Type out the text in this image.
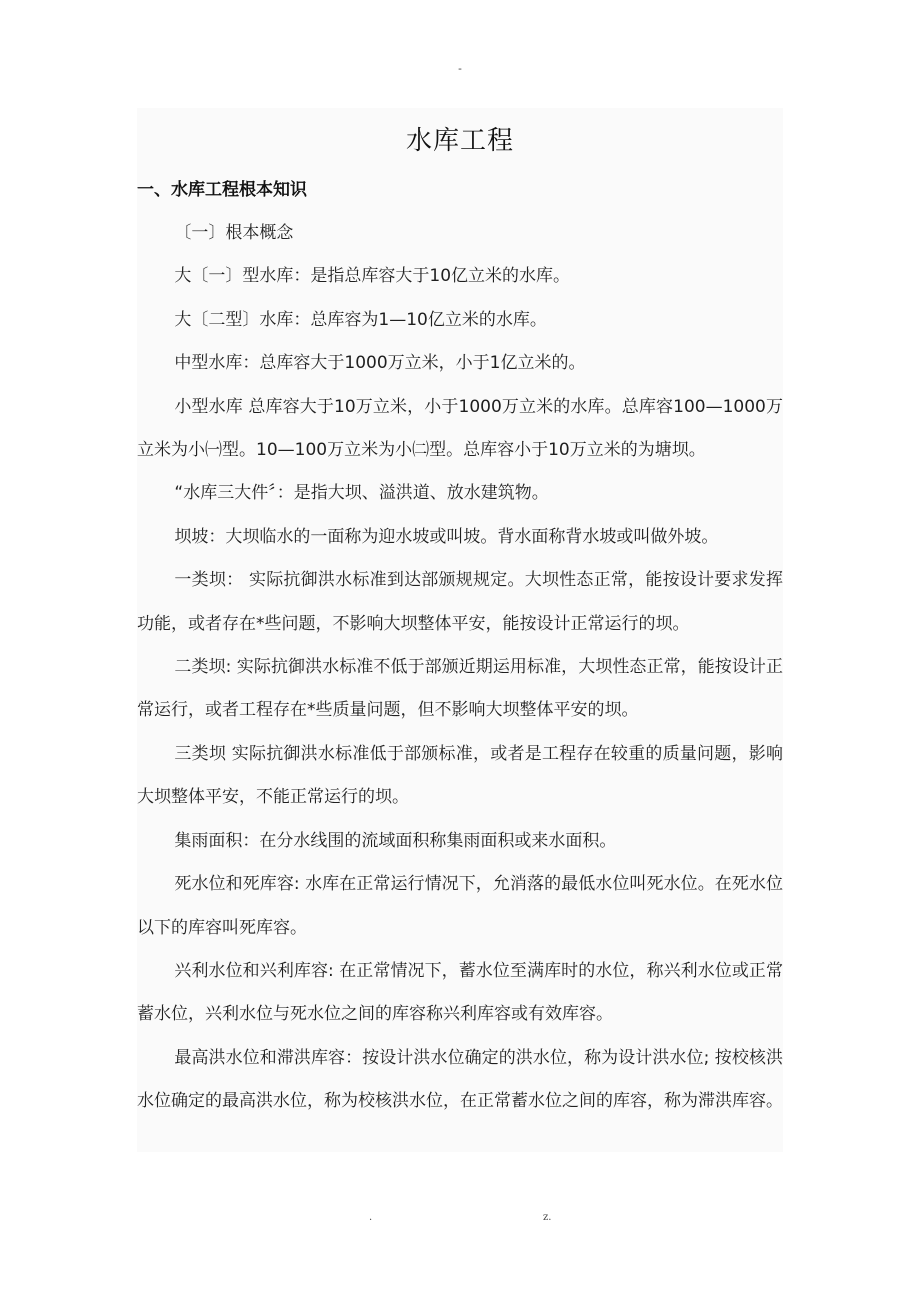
-
水库工程
一、水库工程根本知识

〔一〕根本概念

大〔一〕型水库：是指总库容大于10亿立米的水库。

大〔二型〕水库：总库容为1—10亿立米的水库。

中型水库：总库容大于1000万立米，小于1亿立米的。

小型水库 总库容大于10万立米，小于1000万立米的水库。总库容100—1000万立米为小㈠型。10—100万立米为小㈡型。总库容小于10万立米的为塘坝。

“水库三大件〞：是指大坝、溢洪道、放水建筑物。

坝坡：大坝临水的一面称为迎水坡或叫坡。背水面称背水坡或叫做外坡。

一类坝： 实际抗御洪水标准到达部颁规规定。大坝性态正常，能按设计要求发挥功能，或者存在*些问题，不影响大坝整体平安，能按设计正常运行的坝。

二类坝: 实际抗御洪水标准不低于部颁近期运用标准，大坝性态正常，能按设计正常运行，或者工程存在*些质量问题，但不影响大坝整体平安的坝。

三类坝 实际抗御洪水标准低于部颁标准，或者是工程存在较重的质量问题，影响大坝整体平安，不能正常运行的坝。

集雨面积：在分水线围的流域面积称集雨面积或来水面积。

死水位和死库容: 水库在正常运行情况下，允消落的最低水位叫死水位。在死水位以下的库容叫死库容。

兴利水位和兴利库容: 在正常情况下，蓄水位至满库时的水位，称兴利水位或正常蓄水位，兴利水位与死水位之间的库容称兴利库容或有效库容。

最高洪水位和滞洪库容：按设计洪水位确定的洪水位，称为设计洪水位; 按校核洪水位确定的最高洪水位，称为校核洪水位，在正常蓄水位之间的库容，称为滞洪库容。

.	z.
